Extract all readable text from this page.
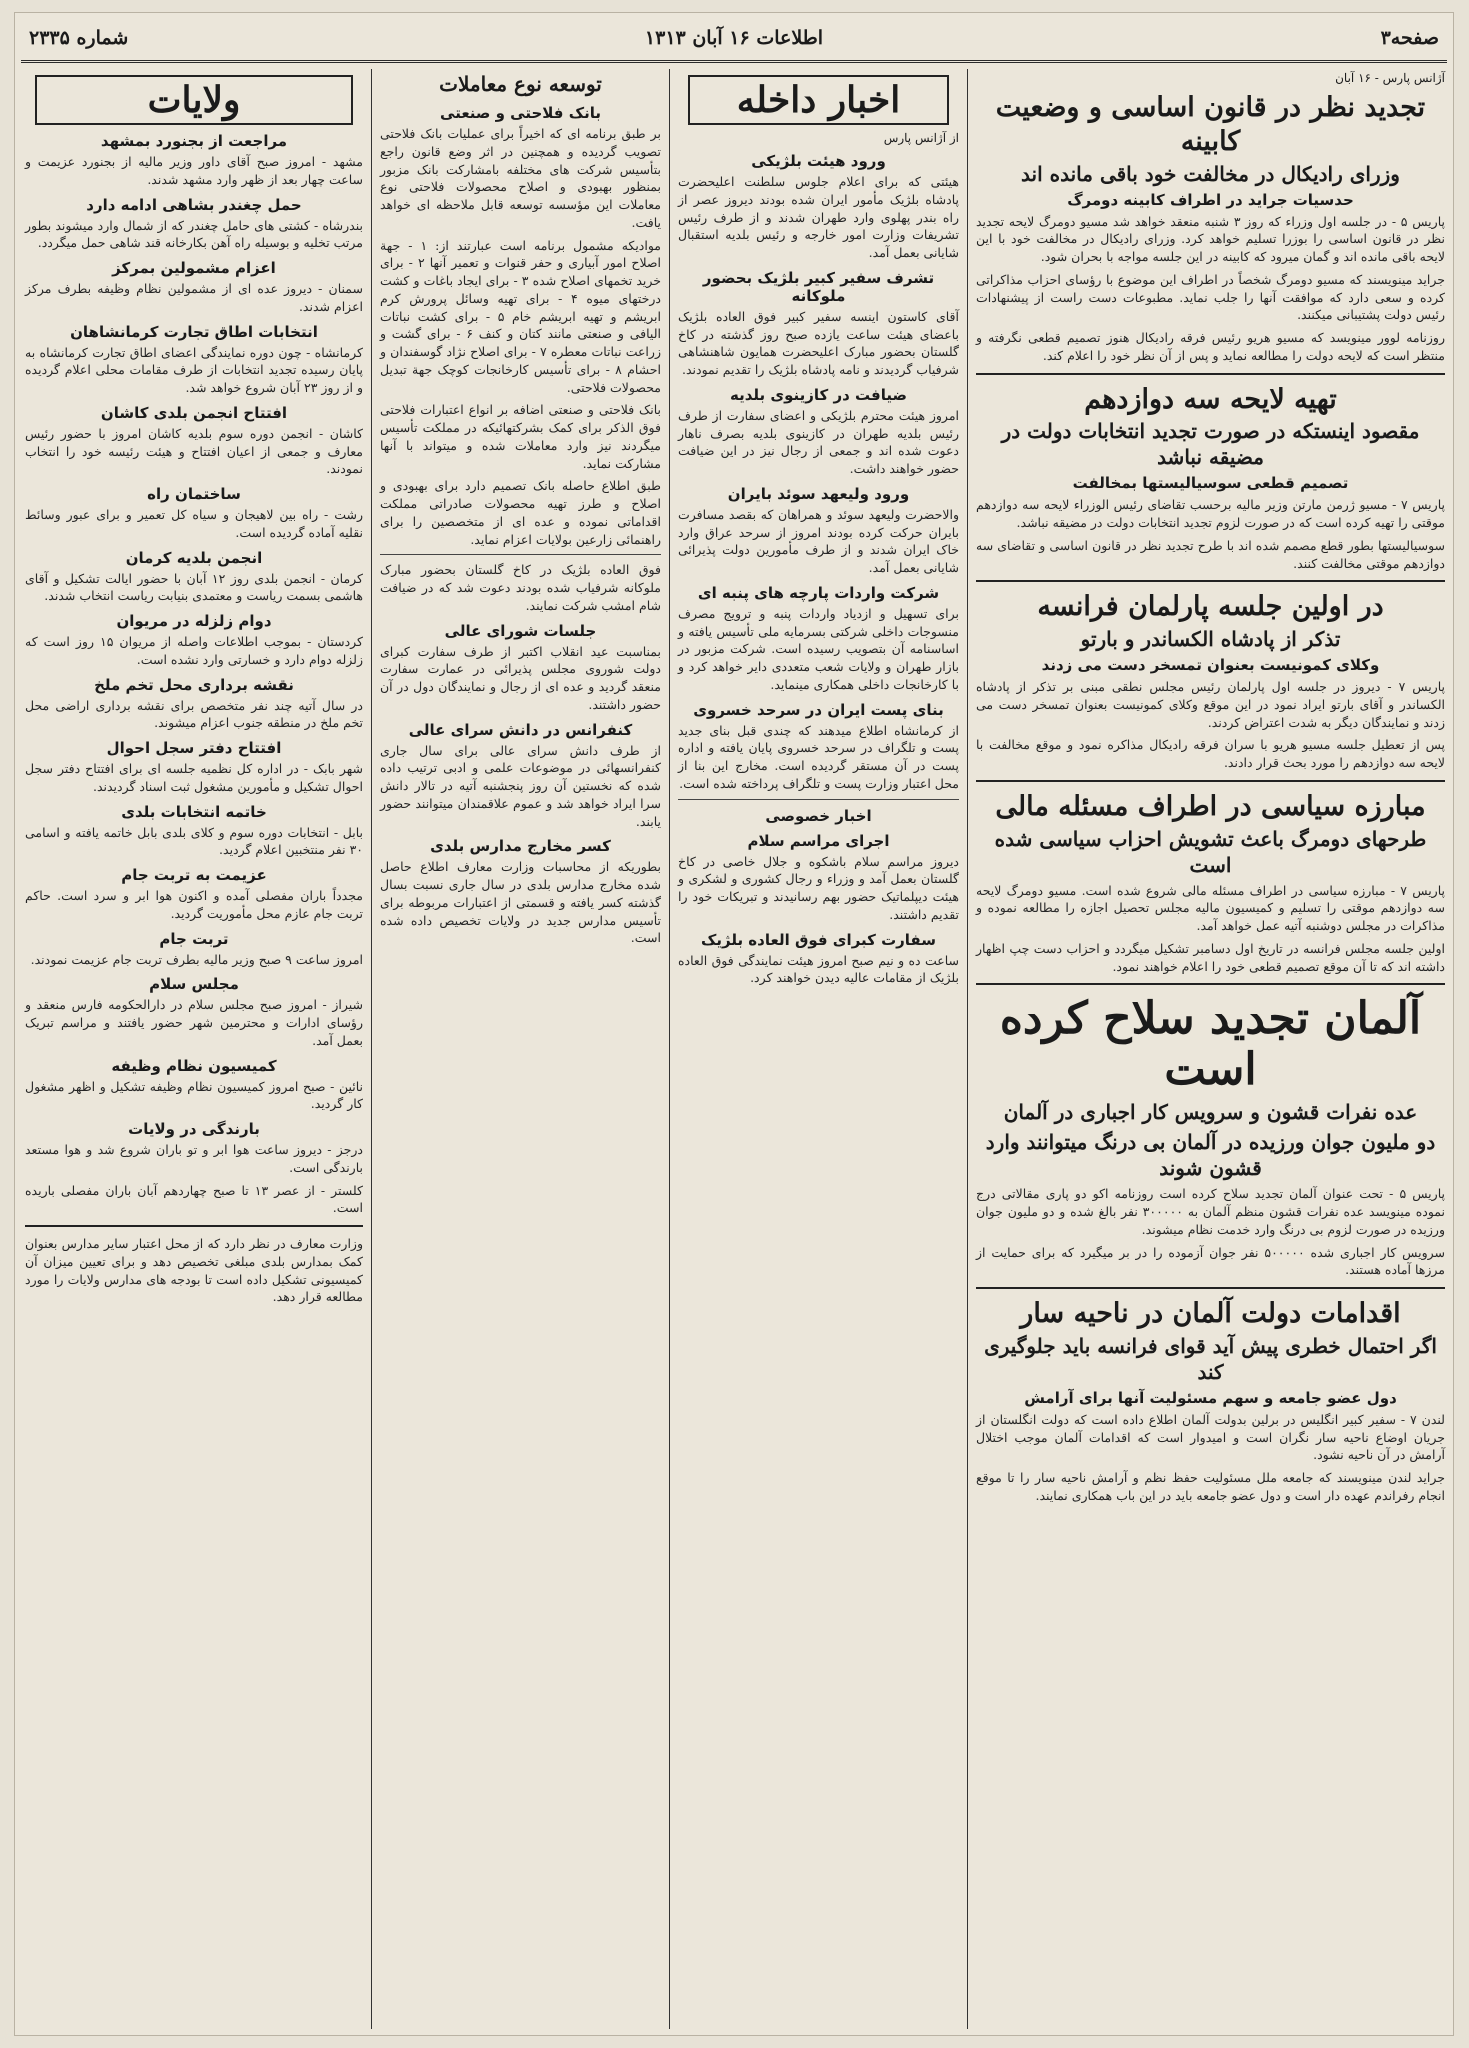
صفحه۳
اطلاعات ۱۶ آبان ۱۳۱۳
شماره ۲۳۳۵
آژانس پارس - ۱۶ آبان
تجدید نظر در قانون اساسی و وضعیت کابینه
وزرای رادیکال در مخالفت خود باقی مانده اند
حدسیات جراید در اطراف کابینه دومرگ

پاریس ۵ - در جلسه اول وزراء که روز ۳ شنبه منعقد خواهد شد مسیو دومرگ لایحه تجدید نظر در قانون اساسی را بوزرا تسلیم خواهد کرد. وزرای رادیکال در مخالفت خود با این لایحه باقی مانده اند و گمان میرود که کابینه در این جلسه مواجه با بحران شود.

جراید مینویسند که مسیو دومرگ شخصاً در اطراف این موضوع با رؤسای احزاب مذاکراتی کرده و سعی دارد که موافقت آنها را جلب نماید. مطبوعات دست راست از پیشنهادات رئیس دولت پشتیبانی میکنند.

روزنامه لوور مینویسد که مسیو هریو رئیس فرقه رادیکال هنوز تصمیم قطعی نگرفته و منتظر است که لایحه دولت را مطالعه نماید و پس از آن نظر خود را اعلام کند.

تهیه لایحه سه دوازدهم
مقصود اینستکه در صورت تجدید انتخابات دولت در مضیقه نباشد
تصمیم قطعی سوسیالیستها بمخالفت

پاریس ۷ - مسیو ژرمن مارتن وزیر مالیه برحسب تقاضای رئیس الوزراء لایحه سه دوازدهم موقتی را تهیه کرده است که در صورت لزوم تجدید انتخابات دولت در مضیقه نباشد.

سوسیالیستها بطور قطع مصمم شده اند با طرح تجدید نظر در قانون اساسی و تقاضای سه دوازدهم موقتی مخالفت کنند.

در اولین جلسه پارلمان فرانسه
تذکر از پادشاه الکساندر و بارتو
وکلای کمونیست بعنوان تمسخر دست می زدند

پاریس ۷ - دیروز در جلسه اول پارلمان رئیس مجلس نطقی مبنی بر تذکر از پادشاه الکساندر و آقای بارتو ایراد نمود در این موقع وکلای کمونیست بعنوان تمسخر دست می زدند و نمایندگان دیگر به شدت اعتراض کردند.

پس از تعطیل جلسه مسیو هریو با سران فرقه رادیکال مذاکره نمود و موقع مخالفت با لایحه سه دوازدهم را مورد بحث قرار دادند.

مبارزه سیاسی در اطراف مسئله مالی
طرحهای دومرگ باعث تشویش احزاب سیاسی شده است

پاریس ۷ - مبارزه سیاسی در اطراف مسئله مالی شروع شده است. مسیو دومرگ لایحه سه دوازدهم موقتی را تسلیم و کمیسیون مالیه مجلس تحصیل اجازه را مطالعه نموده و مذاکرات در مجلس دوشنبه آتیه عمل خواهد آمد.

اولین جلسه مجلس فرانسه در تاریخ اول دسامبر تشکیل میگردد و احزاب دست چپ اظهار داشته اند که تا آن موقع تصمیم قطعی خود را اعلام خواهند نمود.

آلمان تجدید سلاح کرده است
عده نفرات قشون و سرویس کار اجباری در آلمان
دو ملیون جوان ورزیده در آلمان بی درنگ میتوانند وارد قشون شوند

پاریس ۵ - تحت عنوان آلمان تجدید سلاح کرده است روزنامه اکو دو پاری مقالاتی درج نموده مینویسد عده نفرات قشون منظم آلمان به ۳۰۰۰۰۰ نفر بالغ شده و دو ملیون جوان ورزیده در صورت لزوم بی درنگ وارد خدمت نظام میشوند.

سرویس کار اجباری شده ۵۰۰۰۰۰ نفر جوان آزموده را در بر میگیرد که برای حمایت از مرزها آماده هستند.

اقدامات دولت آلمان در ناحیه سار
اگر احتمال خطری پیش آید قوای فرانسه باید جلوگیری کند
دول عضو جامعه و سهم مسئولیت آنها برای آرامش

لندن ۷ - سفیر کبیر انگلیس در برلین بدولت آلمان اطلاع داده است که دولت انگلستان از جریان اوضاع ناحیه سار نگران است و امیدوار است که اقدامات آلمان موجب اختلال آرامش در آن ناحیه نشود.

جراید لندن مینویسند که جامعه ملل مسئولیت حفظ نظم و آرامش ناحیه سار را تا موقع انجام رفراندم عهده دار است و دول عضو جامعه باید در این باب همکاری نمایند.

اخبار داخله
از آژانس پارس
ورود هیئت بلژیکی

هیئتی که برای اعلام جلوس سلطنت اعلیحضرت پادشاه بلژیک مأمور ایران شده بودند دیروز عصر از راه بندر پهلوی وارد طهران شدند و از طرف رئیس تشریفات وزارت امور خارجه و رئیس بلدیه استقبال شایانی بعمل آمد.

تشرف سفیر کبیر بلژیک بحضور ملوکانه

آقای کاستون اینسه سفیر کبیر فوق العاده بلژیک باعضای هیئت ساعت یازده صبح روز گذشته در کاخ گلستان بحضور مبارک اعلیحضرت همایون شاهنشاهی شرفیاب گردیدند و نامه پادشاه بلژیک را تقدیم نمودند.

ضیافت در کازینوی بلدیه

امروز هیئت محترم بلژیکی و اعضای سفارت از طرف رئیس بلدیه طهران در کازینوی بلدیه بصرف ناهار دعوت شده اند و جمعی از رجال نیز در این ضیافت حضور خواهند داشت.

ورود ولیعهد سوئد بایران

والاحضرت ولیعهد سوئد و همراهان که بقصد مسافرت بایران حرکت کرده بودند امروز از سرحد عراق وارد خاک ایران شدند و از طرف مأمورین دولت پذیرائی شایانی بعمل آمد.

شرکت واردات پارچه های پنبه ای

برای تسهیل و ازدیاد واردات پنبه و ترویج مصرف منسوجات داخلی شرکتی بسرمایه ملی تأسیس یافته و اساسنامه آن بتصویب رسیده است. شرکت مزبور در بازار طهران و ولایات شعب متعددی دایر خواهد کرد و با کارخانجات داخلی همکاری مینماید.

بنای پست ایران در سرحد خسروی

از کرمانشاه اطلاع میدهند که چندی قبل بنای جدید پست و تلگراف در سرحد خسروی پایان یافته و اداره پست در آن مستقر گردیده است. مخارج این بنا از محل اعتبار وزارت پست و تلگراف پرداخته شده است.

اخبار خصوصی
اجرای مراسم سلام

دیروز مراسم سلام باشکوه و جلال خاصی در کاخ گلستان بعمل آمد و وزراء و رجال کشوری و لشکری و هیئت دیپلماتیک حضور بهم رسانیدند و تبریکات خود را تقدیم داشتند.

سفارت کبرای فوق العاده بلژیک

ساعت ده و نیم صبح امروز هیئت نمایندگی فوق العاده بلژیک از مقامات عالیه دیدن خواهند کرد.

توسعه نوع معاملات
بانک فلاحتی و صنعتی

بر طبق برنامه ای که اخیراً برای عملیات بانک فلاحتی تصویب گردیده و همچنین در اثر وضع قانون راجع بتأسیس شرکت های مختلفه بامشارکت بانک مزبور بمنظور بهبودی و اصلاح محصولات فلاحتی نوع معاملات این مؤسسه توسعه قابل ملاحظه ای خواهد یافت.

موادیکه مشمول برنامه است عبارتند از: ۱ - جهة اصلاح امور آبیاری و حفر قنوات و تعمیر آنها ۲ - برای خرید تخمهای اصلاح شده ۳ - برای ایجاد باغات و کشت درختهای میوه ۴ - برای تهیه وسائل پرورش کرم ابریشم و تهیه ابریشم خام ۵ - برای کشت نباتات الیافی و صنعتی مانند کتان و کنف ۶ - برای گشت و زراعت نباتات معطره ۷ - برای اصلاح نژاد گوسفندان و احشام ۸ - برای تأسیس کارخانجات کوچک جهة تبدیل محصولات فلاحتی.

بانک فلاحتی و صنعتی اضافه بر انواع اعتبارات فلاحتی فوق الذکر برای کمک بشرکتهائیکه در مملکت تأسیس میگردند نیز وارد معاملات شده و میتواند با آنها مشارکت نماید.

طبق اطلاع حاصله بانک تصمیم دارد برای بهبودی و اصلاح و طرز تهیه محصولات صادراتی مملکت اقداماتی نموده و عده ای از متخصصین را برای راهنمائی زارعین بولایات اعزام نماید.

فوق العاده بلژیک در کاخ گلستان بحضور مبارک ملوکانه شرفیاب شده بودند دعوت شد که در ضیافت شام امشب شرکت نمایند.

جلسات شورای عالی

بمناسبت عید انقلاب اکتبر از طرف سفارت کبرای دولت شوروی مجلس پذیرائی در عمارت سفارت منعقد گردید و عده ای از رجال و نمایندگان دول در آن حضور داشتند.

کنفرانس در دانش سرای عالی

از طرف دانش سرای عالی برای سال جاری کنفرانسهائی در موضوعات علمی و ادبی ترتیب داده شده که نخستین آن روز پنجشنبه آتیه در تالار دانش سرا ایراد خواهد شد و عموم علاقمندان میتوانند حضور یابند.

کسر مخارج مدارس بلدی

بطوریکه از محاسبات وزارت معارف اطلاع حاصل شده مخارج مدارس بلدی در سال جاری نسبت بسال گذشته کسر یافته و قسمتی از اعتبارات مربوطه برای تأسیس مدارس جدید در ولایات تخصیص داده شده است.

ولایات
مراجعت از بجنورد بمشهد

مشهد - امروز صبح آقای داور وزیر مالیه از بجنورد عزیمت و ساعت چهار بعد از ظهر وارد مشهد شدند.

حمل چغندر بشاهی ادامه دارد

بندرشاه - کشتی های حامل چغندر که از شمال وارد میشوند بطور مرتب تخلیه و بوسیله راه آهن بکارخانه قند شاهی حمل میگردد.

اعزام مشمولین بمرکز

سمنان - دیروز عده ای از مشمولین نظام وظیفه بطرف مرکز اعزام شدند.

انتخابات اطاق تجارت کرمانشاهان

کرمانشاه - چون دوره نمایندگی اعضای اطاق تجارت کرمانشاه به پایان رسیده تجدید انتخابات از طرف مقامات محلی اعلام گردیده و از روز ۲۳ آبان شروع خواهد شد.

افتتاح انجمن بلدی کاشان

کاشان - انجمن دوره سوم بلدیه کاشان امروز با حضور رئیس معارف و جمعی از اعیان افتتاح و هیئت رئیسه خود را انتخاب نمودند.

ساختمان راه

رشت - راه بین لاهیجان و سیاه کل تعمیر و برای عبور وسائط نقلیه آماده گردیده است.

انجمن بلدیه کرمان

کرمان - انجمن بلدی روز ۱۲ آبان با حضور ایالت تشکیل و آقای هاشمی بسمت ریاست و معتمدی بنیابت ریاست انتخاب شدند.

دوام زلزله در مریوان

کردستان - بموجب اطلاعات واصله از مریوان ۱۵ روز است که زلزله دوام دارد و خسارتی وارد نشده است.

نقشه برداری محل تخم ملخ

در سال آتیه چند نفر متخصص برای نقشه برداری اراضی محل تخم ملخ در منطقه جنوب اعزام میشوند.

افتتاح دفتر سجل احوال

شهر بابک - در اداره کل نظمیه جلسه ای برای افتتاح دفتر سجل احوال تشکیل و مأمورین مشغول ثبت اسناد گردیدند.

خاتمه انتخابات بلدی

بابل - انتخابات دوره سوم و کلای بلدی بابل خاتمه یافته و اسامی ۳۰ نفر منتخبین اعلام گردید.

عزیمت به تربت جام

مجدداً باران مفصلی آمده و اکنون هوا ابر و سرد است. حاکم تربت جام عازم محل مأموریت گردید.

تربت جام

امروز ساعت ۹ صبح وزیر مالیه بطرف تربت جام عزیمت نمودند.

مجلس سلام

شیراز - امروز صبح مجلس سلام در دارالحکومه فارس منعقد و رؤسای ادارات و محترمین شهر حضور یافتند و مراسم تبریک بعمل آمد.

کمیسیون نظام وظیفه

نائین - صبح امروز کمیسیون نظام وظیفه تشکیل و اظهر مشغول کار گردید.

بارندگی در ولایات

درجز - دیروز ساعت هوا ابر و تو باران شروع شد و هوا مستعد بارندگی است.

کلستر - از عصر ۱۳ تا صبح چهاردهم آبان باران مفصلی باریده است.

وزارت معارف در نظر دارد که از محل اعتبار سایر مدارس بعنوان کمک بمدارس بلدی مبلغی تخصیص دهد و برای تعیین میزان آن کمیسیونی تشکیل داده است تا بودجه های مدارس ولایات را مورد مطالعه قرار دهد.
